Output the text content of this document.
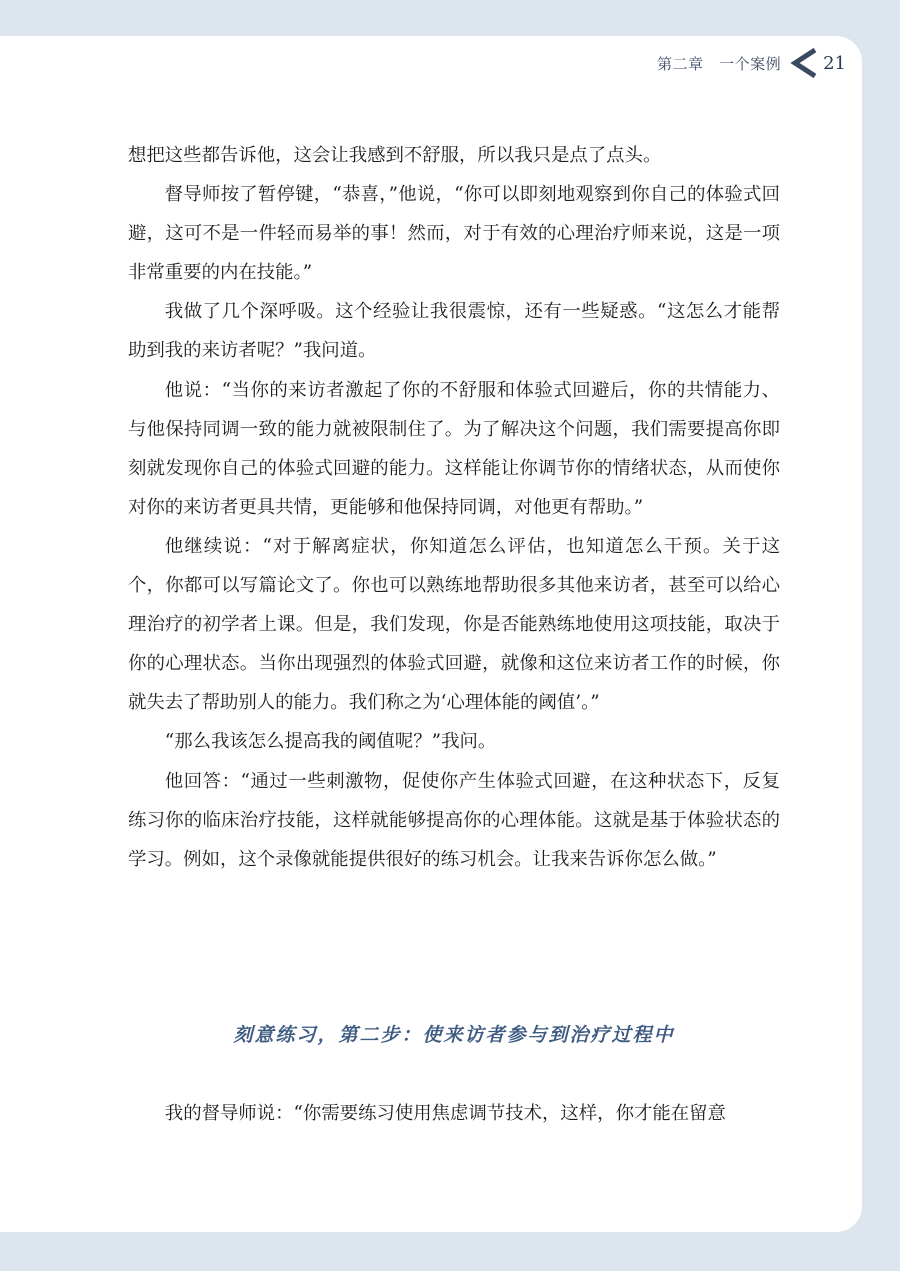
第二章　一个案例 21

想把这些都告诉他，这会让我感到不舒服，所以我只是点了点头。

督导师按了暂停键，“恭喜，”他说，“你可以即刻地观察到你自己的体验式回避，这可不是一件轻而易举的事！然而，对于有效的心理治疗师来说，这是一项非常重要的内在技能。”

我做了几个深呼吸。这个经验让我很震惊，还有一些疑惑。“这怎么才能帮助到我的来访者呢？”我问道。

他说：“当你的来访者激起了你的不舒服和体验式回避后，你的共情能力、与他保持同调一致的能力就被限制住了。为了解决这个问题，我们需要提高你即刻就发现你自己的体验式回避的能力。这样能让你调节你的情绪状态，从而使你对你的来访者更具共情，更能够和他保持同调，对他更有帮助。”

他继续说：“对于解离症状，你知道怎么评估，也知道怎么干预。关于这个，你都可以写篇论文了。你也可以熟练地帮助很多其他来访者，甚至可以给心理治疗的初学者上课。但是，我们发现，你是否能熟练地使用这项技能，取决于你的心理状态。当你出现强烈的体验式回避，就像和这位来访者工作的时候，你就失去了帮助别人的能力。我们称之为‘心理体能的阈值’。”

“那么我该怎么提高我的阈值呢？”我问。

他回答：“通过一些刺激物，促使你产生体验式回避，在这种状态下，反复练习你的临床治疗技能，这样就能够提高你的心理体能。这就是基于体验状态的学习。例如，这个录像就能提供很好的练习机会。让我来告诉你怎么做。”

刻意练习，第二步：使来访者参与到治疗过程中

我的督导师说：“你需要练习使用焦虑调节技术，这样，你才能在留意
